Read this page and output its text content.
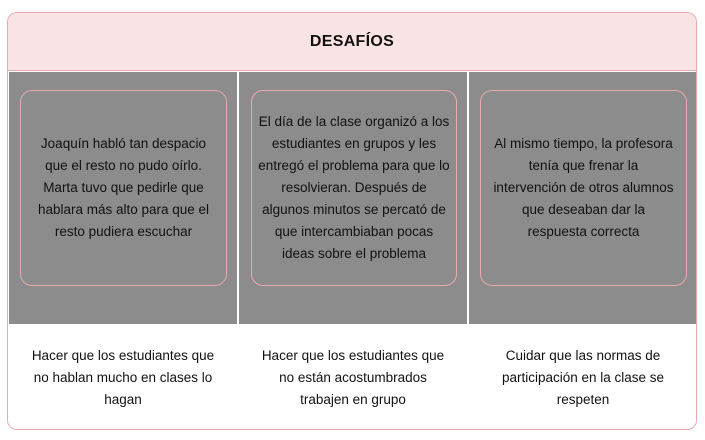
DESAFÍOS
Joaquín habló tan despacio que el resto no pudo oírlo. Marta tuvo que pedirle que hablara más alto para que el resto pudiera escuchar
El día de la clase organizó a los estudiantes en grupos y les entregó el problema para que lo resolvieran. Después de algunos minutos se percató de que intercambiaban pocas ideas sobre el problema
Al mismo tiempo, la profesora tenía que frenar la intervención de otros alumnos que deseaban dar la respuesta correcta
Hacer que los estudiantes que no hablan mucho en clases lo hagan
Hacer que los estudiantes que no están acostumbrados trabajen en grupo
Cuidar que las normas de participación en la clase se respeten
